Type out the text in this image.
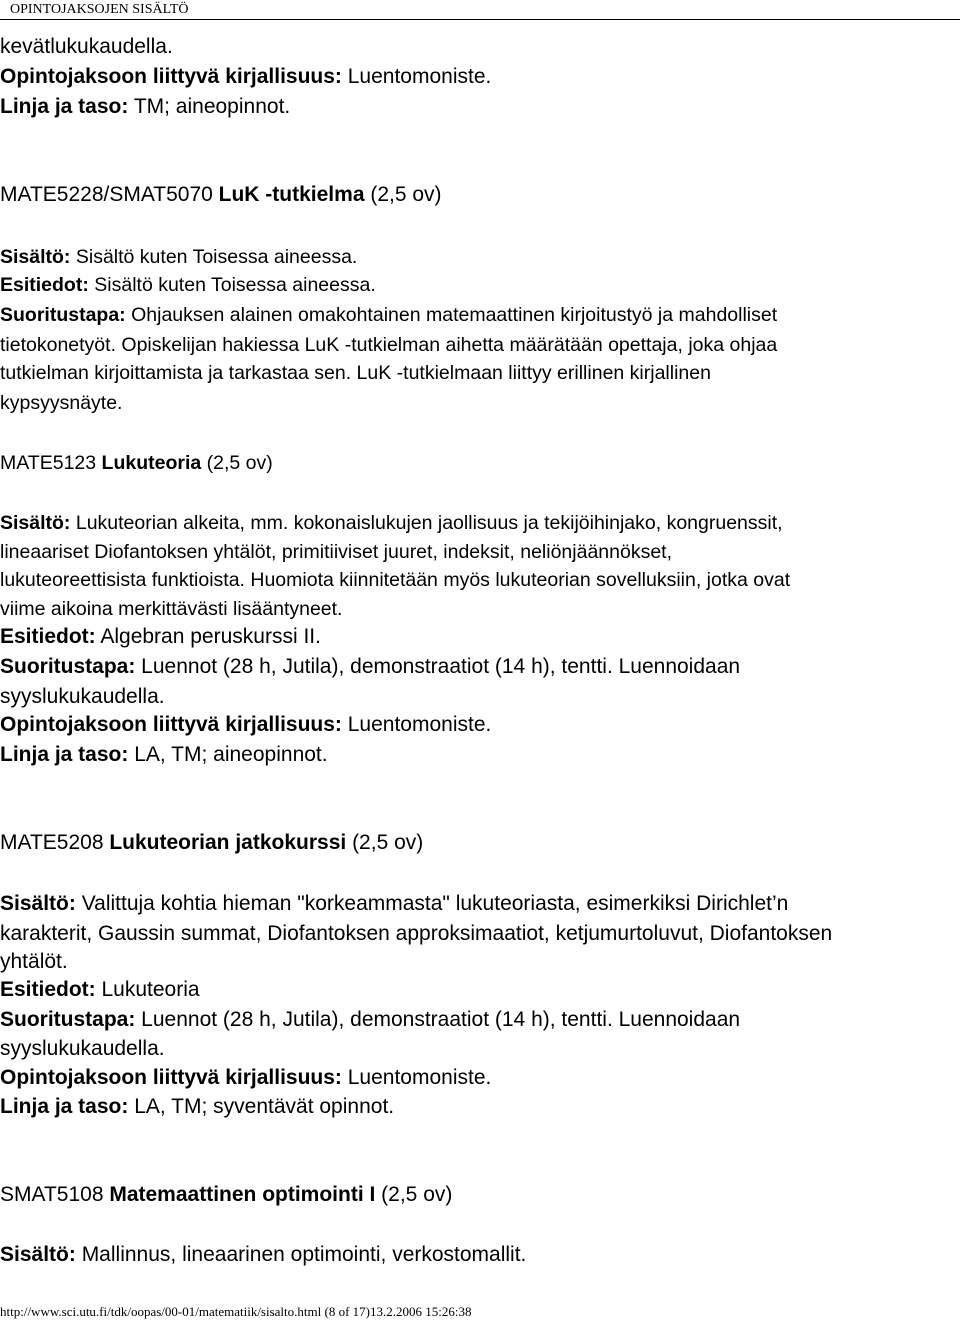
OPINTOJAKSOJEN SISÄLTÖ

kevätlukukaudella.

Opintojaksoon liittyvä kirjallisuus: Luentomoniste.

Linja ja taso: TM; aineopinnot.

MATE5228/SMAT5070 LuK -tutkielma (2,5 ov)

Sisältö: Sisältö kuten Toisessa aineessa.

Esitiedot: Sisältö kuten Toisessa aineessa.

Suoritustapa: Ohjauksen alainen omakohtainen matemaattinen kirjoitustyö ja mahdolliset

tietokonetyöt. Opiskelijan hakiessa LuK -tutkielman aihetta määrätään opettaja, joka ohjaa

tutkielman kirjoittamista ja tarkastaa sen. LuK -tutkielmaan liittyy erillinen kirjallinen

kypsyysnäyte.

MATE5123 Lukuteoria (2,5 ov)

Sisältö: Lukuteorian alkeita, mm. kokonaislukujen jaollisuus ja tekijöihinjako, kongruenssit,

lineaariset Diofantoksen yhtälöt, primitiiviset juuret, indeksit, neliönjäännökset,

lukuteoreettisista funktioista. Huomiota kiinnitetään myös lukuteorian sovelluksiin, jotka ovat

viime aikoina merkittävästi lisääntyneet.

Esitiedot: Algebran peruskurssi II.

Suoritustapa: Luennot (28 h, Jutila), demonstraatiot (14 h), tentti. Luennoidaan

syyslukukaudella.

Opintojaksoon liittyvä kirjallisuus: Luentomoniste.

Linja ja taso: LA, TM; aineopinnot.

MATE5208 Lukuteorian jatkokurssi (2,5 ov)

Sisältö: Valittuja kohtia hieman "korkeammasta" lukuteoriasta, esimerkiksi Dirichlet’n

karakterit, Gaussin summat, Diofantoksen approksimaatiot, ketjumurtoluvut, Diofantoksen

yhtälöt.

Esitiedot: Lukuteoria

Suoritustapa: Luennot (28 h, Jutila), demonstraatiot (14 h), tentti. Luennoidaan

syyslukukaudella.

Opintojaksoon liittyvä kirjallisuus: Luentomoniste.

Linja ja taso: LA, TM; syventävät opinnot.

SMAT5108 Matemaattinen optimointi I (2,5 ov)

Sisältö: Mallinnus, lineaarinen optimointi, verkostomallit.

http://www.sci.utu.fi/tdk/oopas/00-01/matematiik/sisalto.html (8 of 17)13.2.2006 15:26:38
